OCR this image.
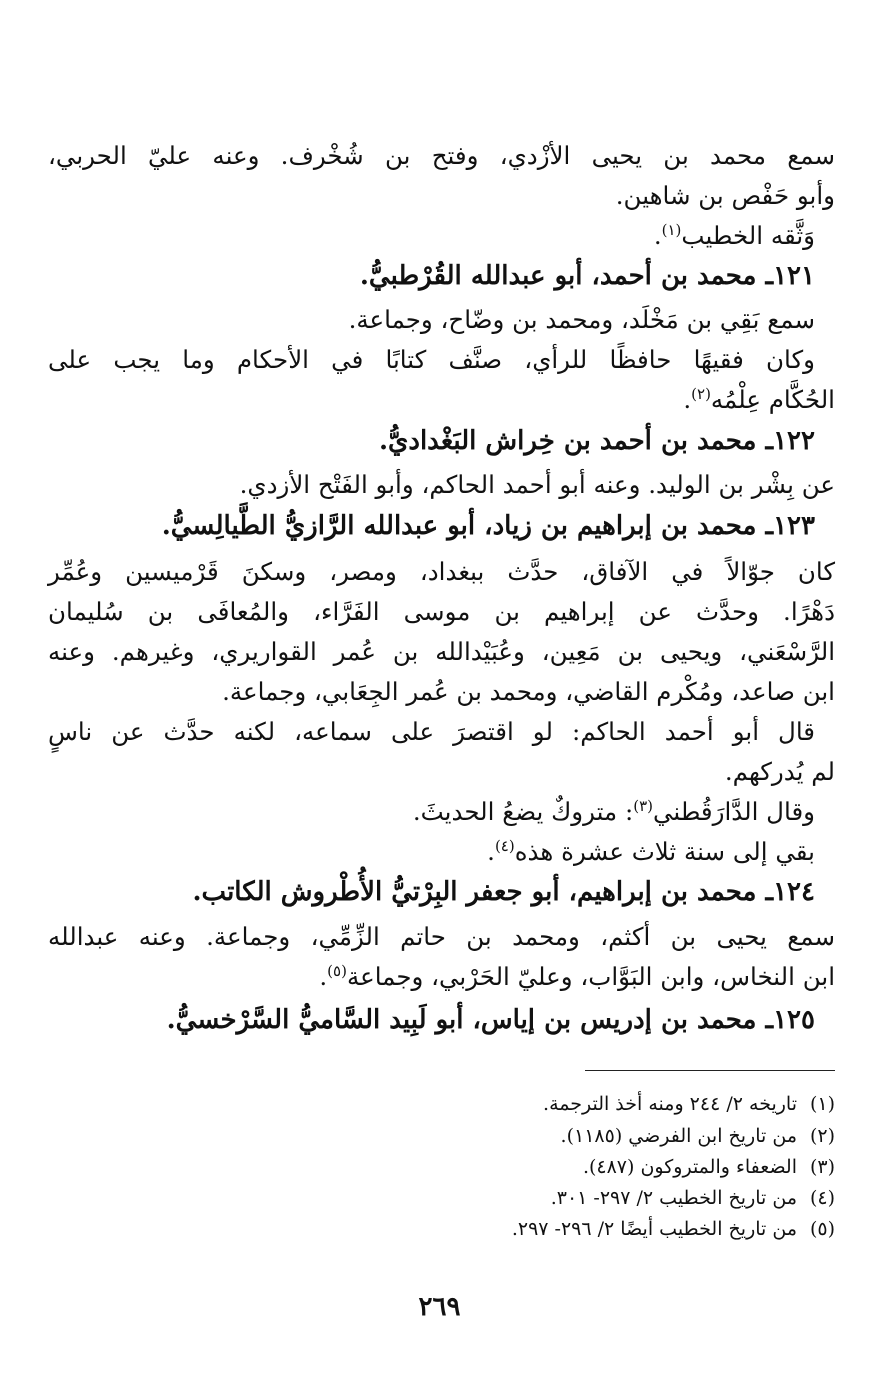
سمع محمد بن يحيى الأزْدي، وفتح بن شُخْرف. وعنه عليّ الحربي،
وأبو حَفْص بن شاهين.
وَثَّقه الخطيب$^{(١)}$.
١٢١ـ محمد بن أحمد، أبو عبدالله القُرْطبيُّ.
سمع بَقِي بن مَخْلَد، ومحمد بن وضّاح، وجماعة.
وكان فقيهًا حافظًا للرأي، صنَّف كتابًا في الأحكام وما يجب على
الحُكَّام عِلْمُه$^{(٢)}$.
١٢٢ـ محمد بن أحمد بن خِراش البَغْداديُّ.
عن بِشْر بن الوليد. وعنه أبو أحمد الحاكم، وأبو الفَتْح الأزدي.
١٢٣ـ محمد بن إبراهيم بن زياد، أبو عبدالله الرَّازيُّ الطَّيالِسيُّ.
كان جوّالاً في الآفاق، حدَّث ببغداد، ومصر، وسكنَ قَرْميسين وعُمِّر
دَهْرًا. وحدَّث عن إبراهيم بن موسى الفَرَّاء، والمُعافَى بن سُليمان
الرَّسْعَني، ويحيى بن مَعِين، وعُبَيْدالله بن عُمر القواريري، وغيرهم. وعنه
ابن صاعد، ومُكْرم القاضي، ومحمد بن عُمر الجِعَابي، وجماعة.
قال أبو أحمد الحاكم: لو اقتصرَ على سماعه، لكنه حدَّث عن ناسٍ
لم يُدركهم.
وقال الدَّارَقُطني$^{(٣)}$: متروكٌ يضعُ الحديثَ.
بقي إلى سنة ثلاث عشرة هذه$^{(٤)}$.
١٢٤ـ محمد بن إبراهيم، أبو جعفر البِرْتيُّ الأُطْروش الكاتب.
سمع يحيى بن أكثم، ومحمد بن حاتم الزِّمِّي، وجماعة. وعنه عبدالله
ابن النخاس، وابن البَوَّاب، وعليّ الحَرْبي، وجماعة$^{(٥)}$.
١٢٥ـ محمد بن إدريس بن إياس، أبو لَبِيد السَّاميُّ السَّرْخسيُّ.
(١)تاريخه ٢/ ٢٤٤ ومنه أخذ الترجمة.
(٢)من تاريخ ابن الفرضي (١١٨٥).
(٣)الضعفاء والمتروكون (٤٨٧).
(٤)من تاريخ الخطيب ٢/ ٢٩٧- ٣٠١.
(٥)من تاريخ الخطيب أيضًا ٢/ ٢٩٦- ٢٩٧.
٢٦٩
